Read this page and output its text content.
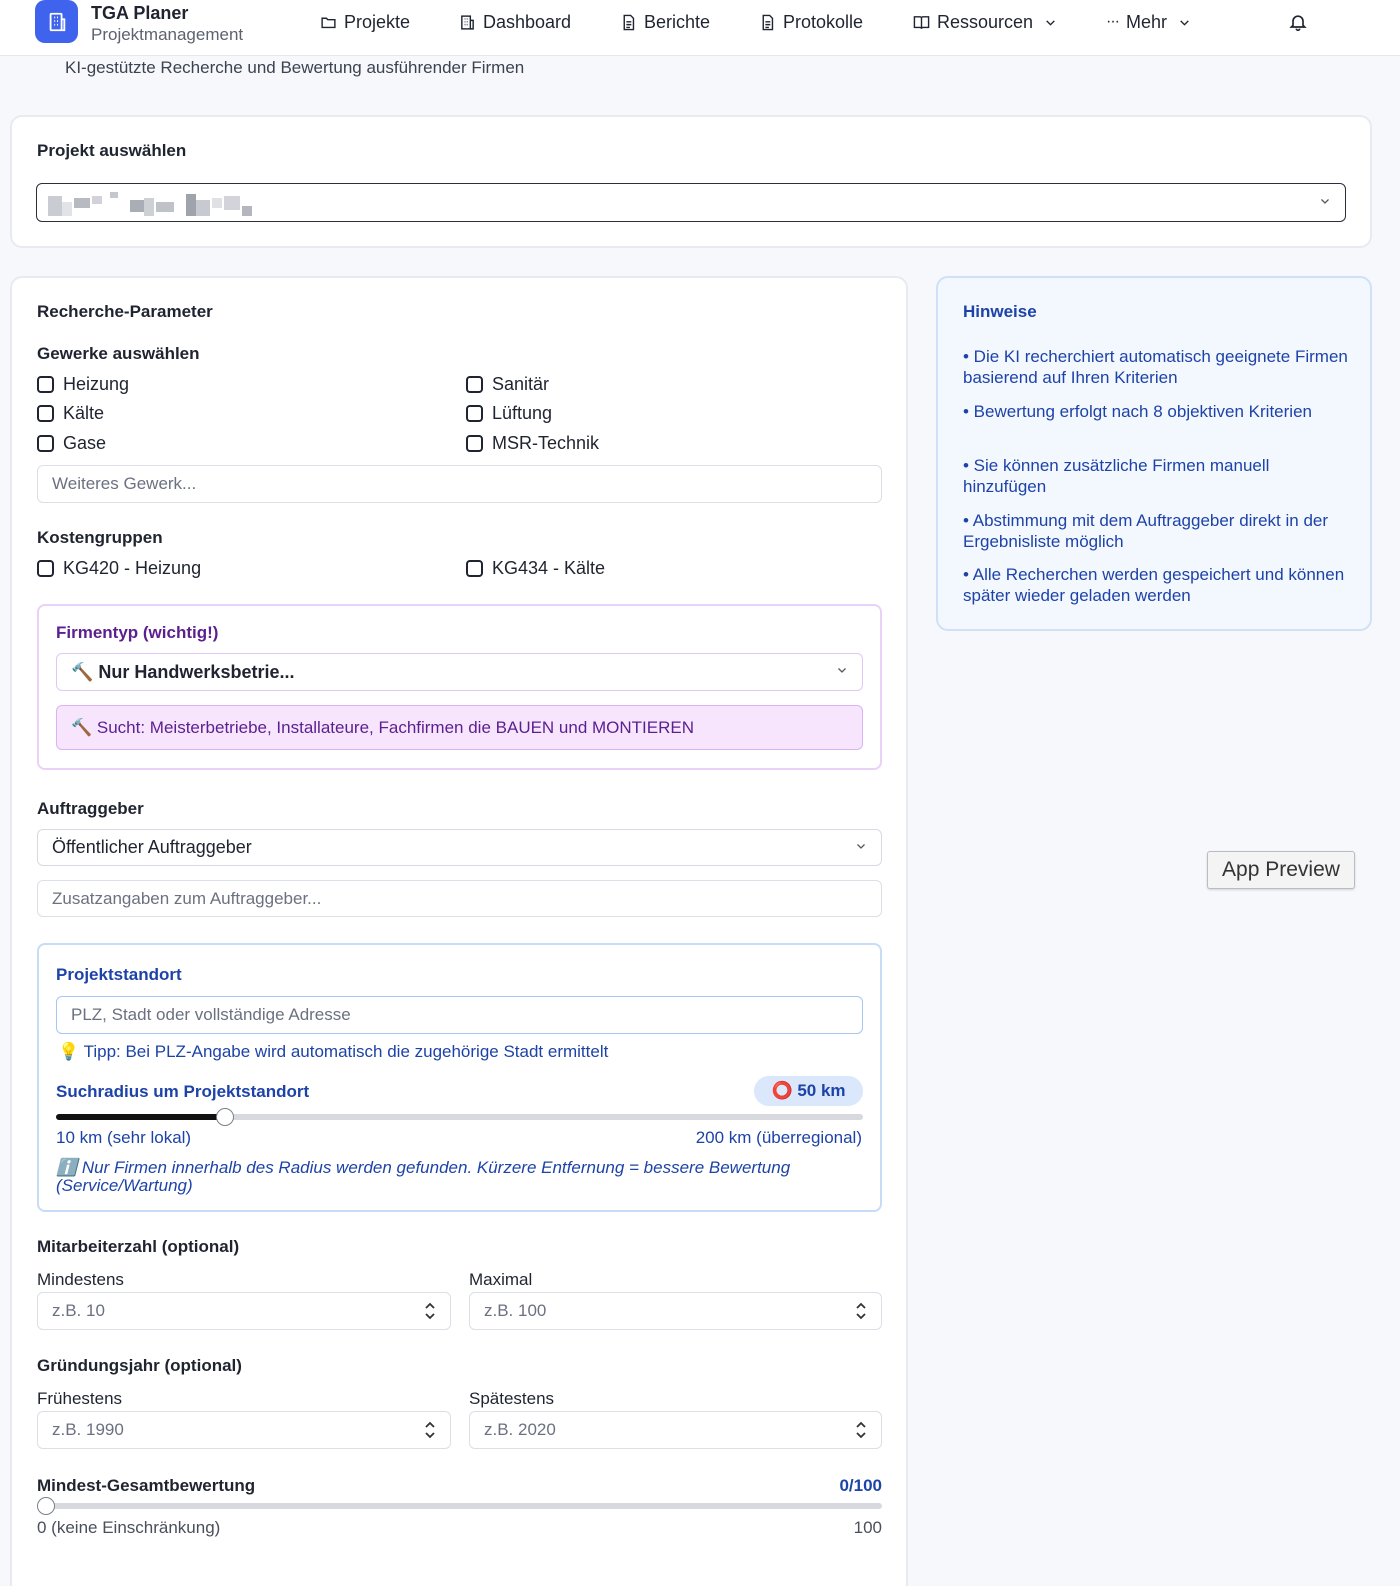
TGA Planer
Projektmanagement
Projekte	Dashboard	Berichte	Protokolle	Ressourcen	··· Mehr
KI-gestützte Recherche und Bewertung ausführender Firmen
Projekt auswählen
Recherche-Parameter
Gewerke auswählen
Heizung	Sanitär
Kälte	Lüftung
Gase	MSR-Technik
Weiteres Gewerk...
Kostengruppen
KG420 - Heizung	KG434 - Kälte
Firmentyp (wichtig!)
🔨 Nur Handwerksbetrie...
🔨 Sucht: Meisterbetriebe, Installateure, Fachfirmen die BAUEN und MONTIEREN
Auftraggeber
Öffentlicher Auftraggeber
Zusatzangaben zum Auftraggeber...
Projektstandort
PLZ, Stadt oder vollständige Adresse
💡 Tipp: Bei PLZ-Angabe wird automatisch die zugehörige Stadt ermittelt
Suchradius um Projektstandort	⭕ 50 km
10 km (sehr lokal)	200 km (überregional)
ℹ️ Nur Firmen innerhalb des Radius werden gefunden. Kürzere Entfernung = bessere Bewertung (Service/Wartung)
Mitarbeiterzahl (optional)
Mindestens	Maximal
z.B. 10	z.B. 100
Gründungsjahr (optional)
Frühestens	Spätestens
z.B. 1990	z.B. 2020
Mindest-Gesamtbewertung	0/100
0 (keine Einschränkung)	100
Hinweise
• Die KI recherchiert automatisch geeignete Firmen basierend auf Ihren Kriterien
• Bewertung erfolgt nach 8 objektiven Kriterien
• Sie können zusätzliche Firmen manuell hinzufügen
• Abstimmung mit dem Auftraggeber direkt in der Ergebnisliste möglich
• Alle Recherchen werden gespeichert und können später wieder geladen werden
App Preview
